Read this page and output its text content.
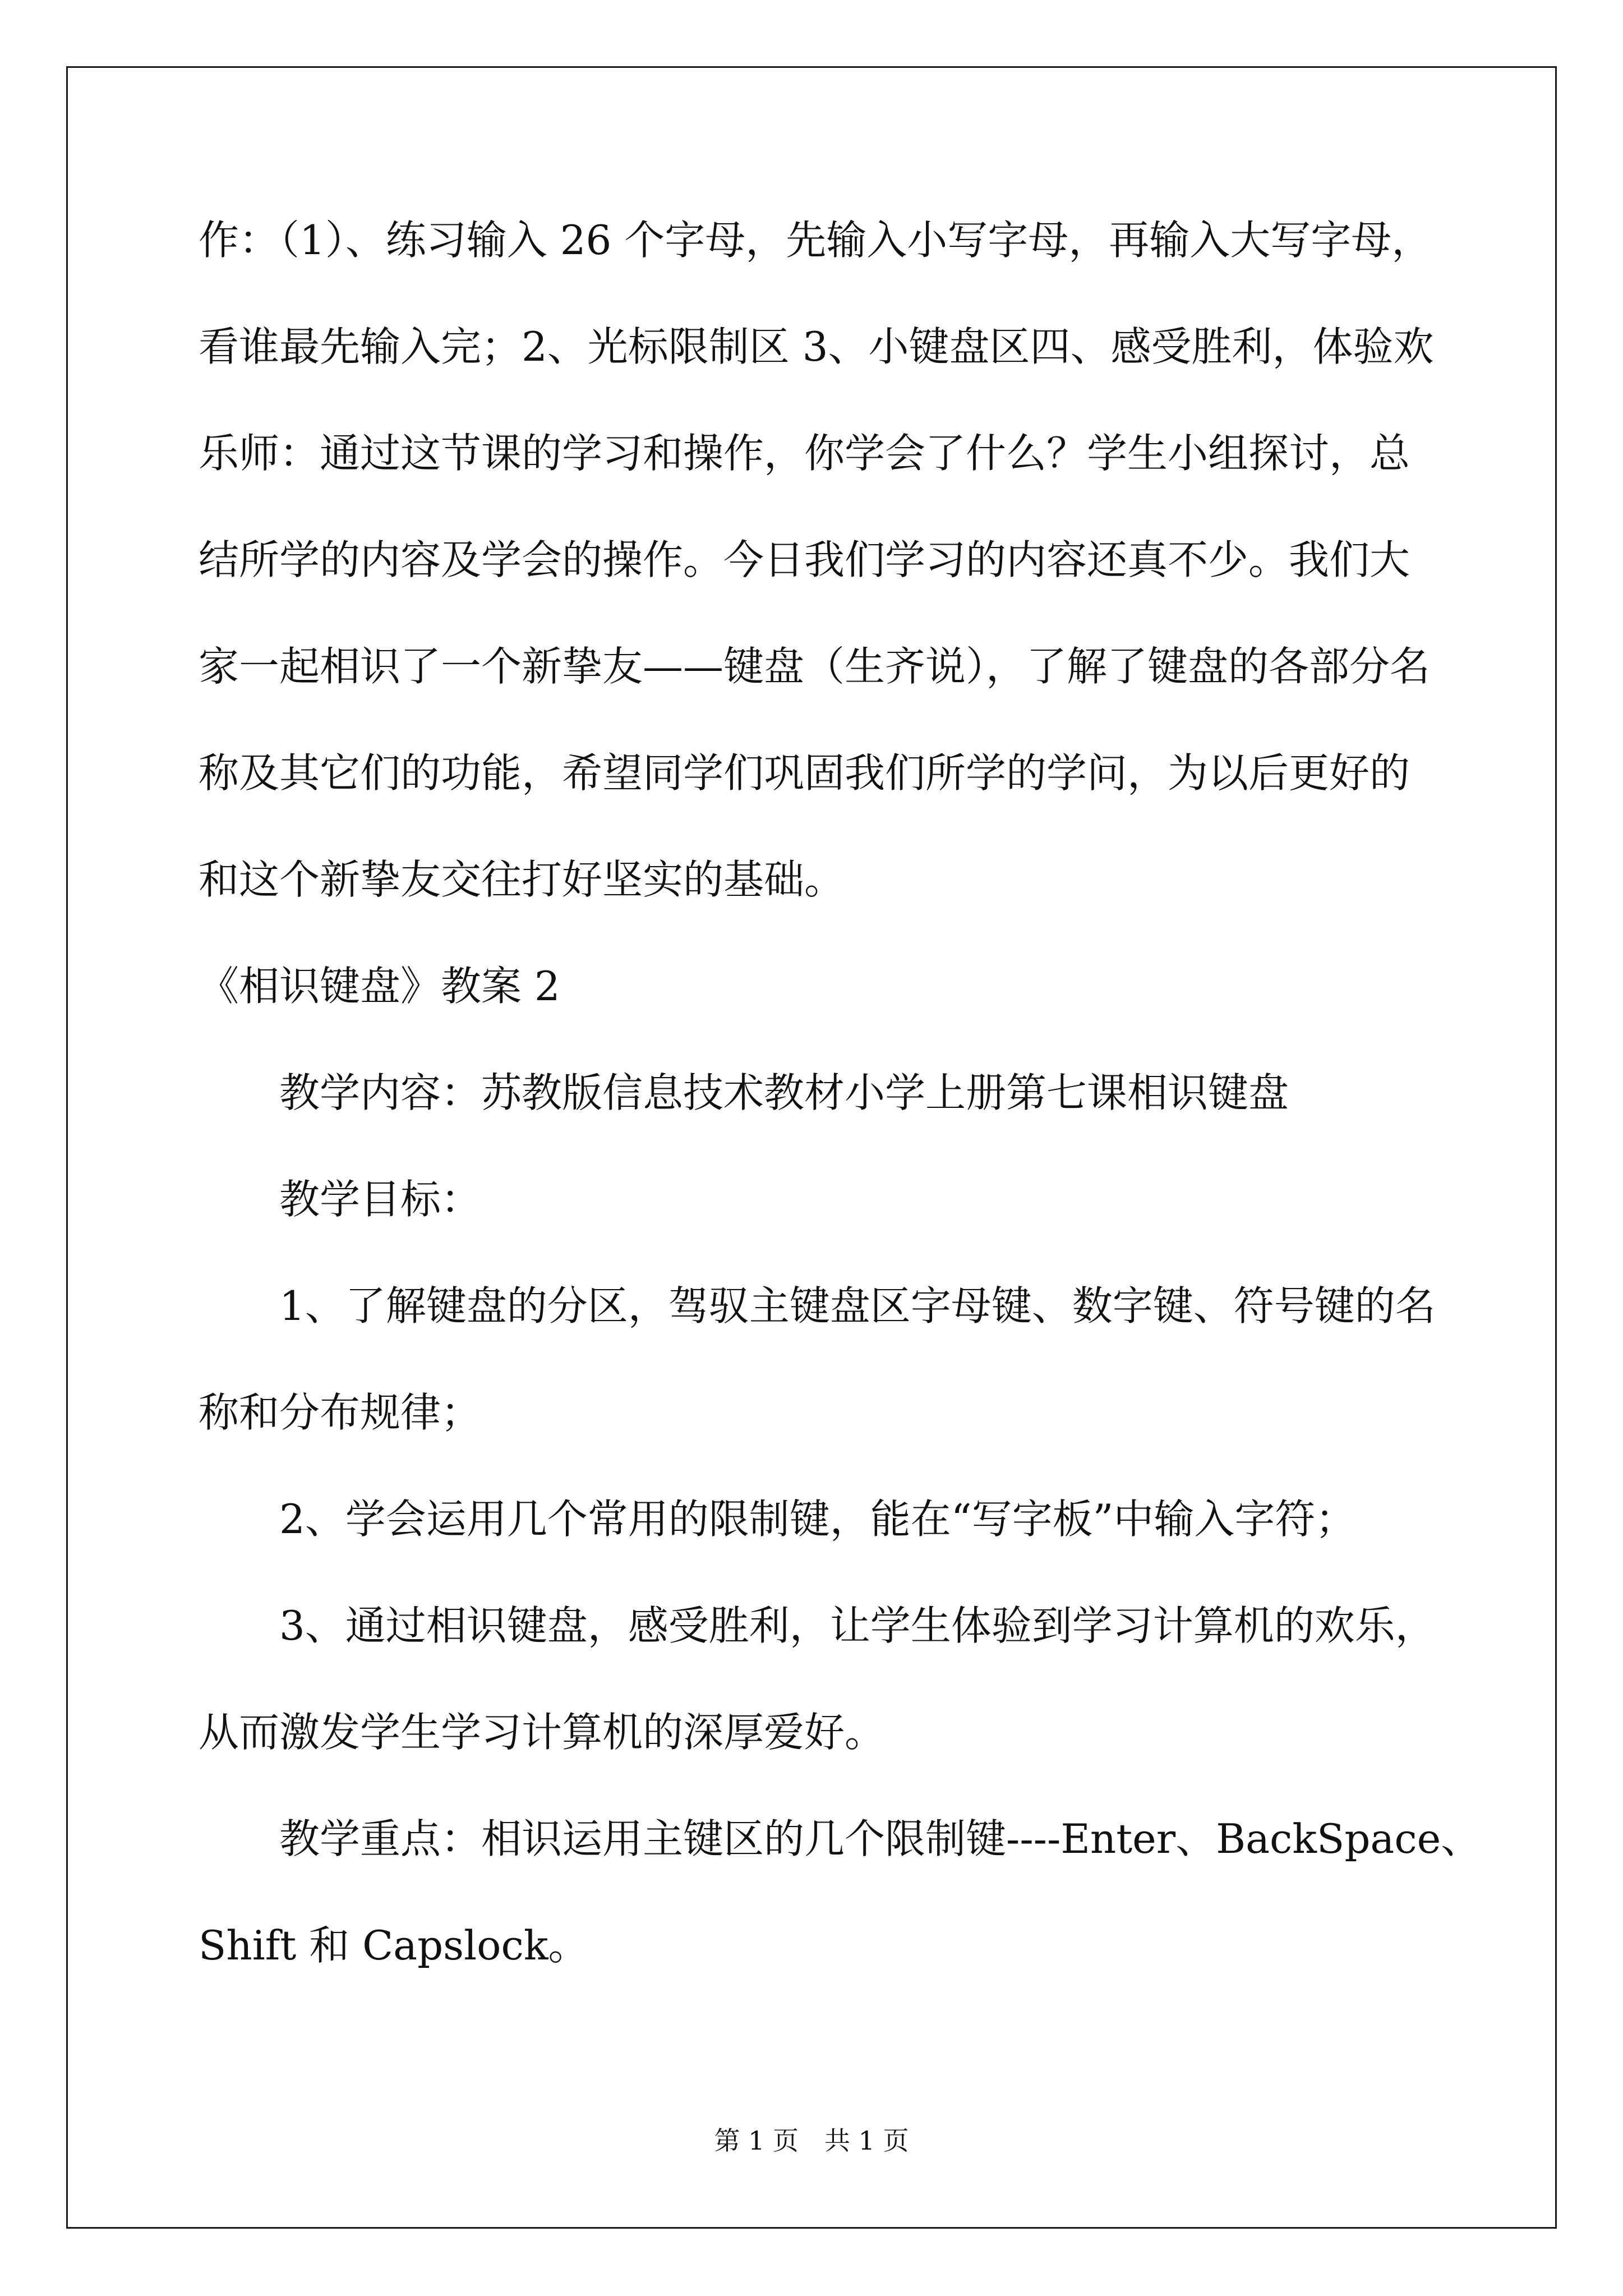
作：（1）、练习输入 26 个字母，先输入小写字母，再输入大写字母，
看谁最先输入完；2、光标限制区 3、小键盘区四、感受胜利，体验欢
乐师：通过这节课的学习和操作，你学会了什么？学生小组探讨，总
结所学的内容及学会的操作。今日我们学习的内容还真不少。我们大
家一起相识了一个新挚友——键盘（生齐说），了解了键盘的各部分名
称及其它们的功能，希望同学们巩固我们所学的学问，为以后更好的
和这个新挚友交往打好坚实的基础。
《相识键盘》教案 2
教学内容：苏教版信息技术教材小学上册第七课相识键盘
教学目标：
1、了解键盘的分区，驾驭主键盘区字母键、数字键、符号键的名
称和分布规律；
2、学会运用几个常用的限制键，能在“写字板”中输入字符；
3、通过相识键盘，感受胜利，让学生体验到学习计算机的欢乐，
从而激发学生学习计算机的深厚爱好。
教学重点：相识运用主键区的几个限制键----Enter、BackSpace、
Shift 和 Capslock。
第 1 页　共 1 页
